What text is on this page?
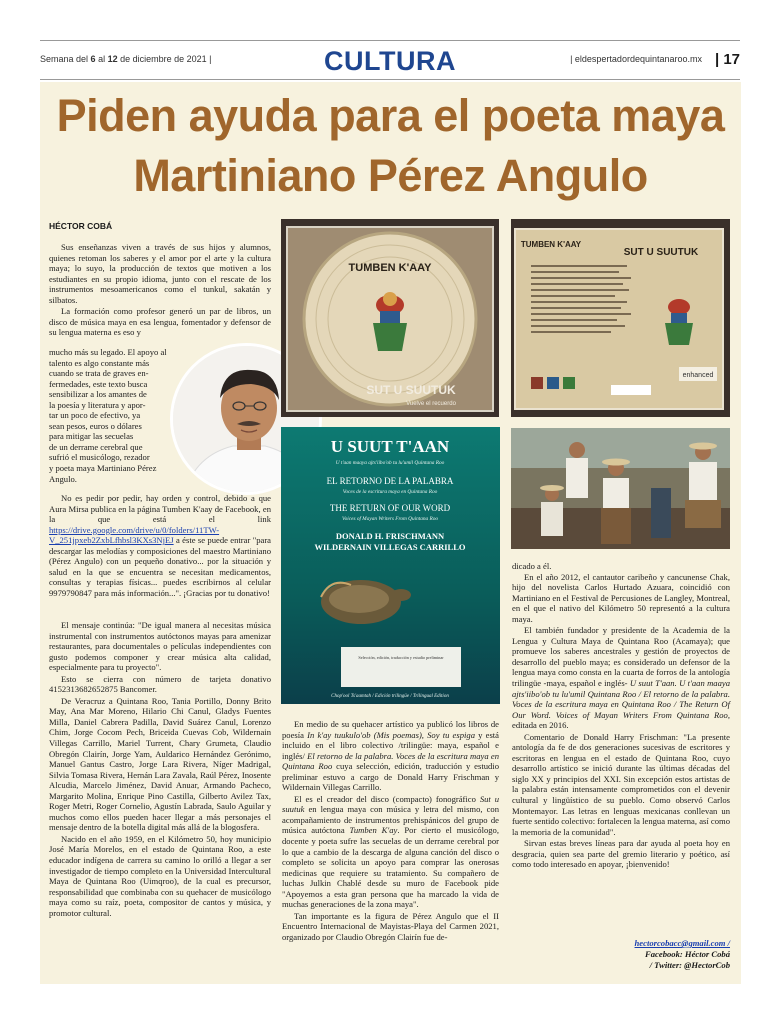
Semana del 6 al 12 de diciembre de 2021 |	CULTURA	| eldespertadordequintanaroo.mx | 17
Piden ayuda para el poeta maya
Martiniano Pérez Angulo
HÉCTOR COBÁ

Sus enseñanzas viven a través de sus hijos y alumnos, quienes retoman los saberes y el amor por el arte y la cultura maya; lo suyo, la producción de textos que motiven a los estudiantes en su propio idioma, junto con el rescate de los instrumentos mesoamericanos como el tunkul, sakatán y silbatos.

La formación como profesor generó un par de libros, un disco de música maya en esa lengua, fomentador y defensor de su lengua materna es eso y

mucho más su legado. El apoyo al
talento es algo constante más
cuando se trata de graves en-
fermedades, este texto busca
sensibilizar a los amantes de
la poesía y literatura y apor-
tar un poco de efectivo, ya
sean pesos, euros o dólares
para mitigar las secuelas
de un derrame cerebral que
sufrió el musicólogo, rezador
y poeta maya Martiniano Pérez
Angulo.

No es pedir por pedir, hay orden y control, debido a que Aura Mirsa publica en la página Tumben K'aay de Facebook, en la que está el link https://drive.google.com/drive/u/0/folders/11TW-V_251jpxeb2ZxbLfhbsl3KXs3NjEJ a éste se puede entrar "para descargar las melodías y composiciones del maestro Martiniano (Pérez Angulo) con un pequeño donativo... por la situación y salud en la que se encuentra se necesitan medicamentos, consultas y terapias físicas... puedes escribirnos al celular 9979790847 para más información...". ¡Gracias por tu donativo!

El mensaje continúa: "De igual manera al necesitas música instrumental con instrumentos autóctonos mayas para amenizar restaurantes, para documentales o películas independientes con gusto podemos componer y crear música alta calidad, especialmente para tu proyecto".

Esto se cierra con número de tarjeta donativo 4152313682652875 Bancomer.

De Veracruz a Quintana Roo, Tania Portillo, Donny Brito May, Ana Mar Moreno, Hilario Chi Canul, Gladys Fuentes Milla, Daniel Cabrera Padilla, David Suárez Canul, Lorenzo Chim, Jorge Cocom Pech, Briceida Cuevas Cob, Wildernain Villegas Carrillo, Mariel Turrent, Chary Grumeta, Claudio Obregón Clairín, Jorge Yam, Auldarico Hernández Gerónimo, Manuel Gantus Castro, Jorge Lara Rivera, Níger Madrigal, Silvia Tomasa Rivera, Hernán Lara Zavala, Raúl Pérez, Inosente Alcudia, Marcelo Jiménez, David Anuar, Armando Pacheco, Margarito Molina, Enrique Pino Castilla, Gilberto Avilez Tax, Roger Metri, Roger Cornelio, Agustín Labrada, Saulo Aguilar y muchos como ellos pueden hacer llegar a más personajes el mensaje dentro de la botella digital más allá de la blogosfera.

Nacido en el año 1959, en el Kilómetro 50, hoy municipio José María Morelos, en el estado de Quintana Roo, a este educador indígena de carrera su camino lo orilló a llegar a ser investigador de tiempo completo en la Universidad Intercultural Maya de Quintana Roo (Uimqroo), de la cual es precursor, responsabilidad que combinaba con su quehacer de musicólogo maya como su raíz, poeta, compositor de cantos y música, y promotor cultural.

TUMBEN K'AAY
SUT U SUUTUK
Vuelve el recuerdo
TUMBEN K'AAY
SUT U SUUTUK
enhanced
U SUUT T'AAN
U t'aan maaya ajts'iibo'ob tu lu'umil Quintana Roo
EL RETORNO DE LA PALABRA
Voces de la escritura maya en Quintana Roo
THE RETURN OF OUR WORD
Voices of Mayan Writers From Quintana Roo
DONALD H. FRISCHMANN
WILDERNAIN VILLEGAS CARRILLO
Selección, edición, traducción y estudio preliminar
Chop'ool Ts'aamtah / Edición trilingüe / Trilingual Edition

En medio de su quehacer artístico ya publicó los libros de poesía In k'ay tuukulo'ob (Mis poemas), Soy tu espiga y está incluido en el libro colectivo /trilingüe: maya, español e inglés/ El retorno de la palabra. Voces de la escritura maya en Quintana Roo cuya selección, edición, traducción y estudio preliminar estuvo a cargo de Donald Harry Frischman y Wildernain Villegas Carrillo.

El es el creador del disco (compacto) fonográfico Sut u suutuk en lengua maya con música y letra del mismo, con acompañamiento de instrumentos prehispánicos del grupo de música autóctona Tumben K'ay. Por cierto el musicólogo, docente y poeta sufre las secuelas de un derrame cerebral por lo que a cambio de la descarga de alguna canción del disco o completo se solicita un apoyo para comprar las onerosas medicinas que requiere su tratamiento. Su compañero de luchas Julkin Chablé desde su muro de Facebook pide "Apoyemos a esta gran persona que ha marcado la vida de muchas generaciones de la zona maya".

Tan importante es la figura de Pérez Angulo que el II Encuentro Internacional de Mayistas-Playa del Carmen 2021, organizado por Claudio Obregón Clairín fue de-

dicado a él.

En el año 2012, el cantautor caribeño y cancunense Chak, hijo del novelista Carlos Hurtado Azuara, coincidió con Martiniano en el Festival de Percusiones de Langley, Montreal, en el que el nativo del Kilómetro 50 representó a la cultura maya.

El también fundador y presidente de la Academia de la Lengua y Cultura Maya de Quintana Roo (Acamaya); que promueve los saberes ancestrales y gestión de proyectos de desarrollo del pueblo maya; es considerado un defensor de la lengua maya como consta en la cuarta de forros de la antología trilingüe -maya, español e inglés- U suut T'aan. U t'aan maaya ajts'iibo'ob tu lu'umil Quintana Roo / El retorno de la palabra. Voces de la escritura maya en Quintana Roo / The Return Of Our Word. Voices of Mayan Writers From Quintana Roo, editada en 2016.

Comentario de Donald Harry Frischman: "La presente antología da fe de dos generaciones sucesivas de escritores y escritoras en lengua en el estado de Quintana Roo, cuyo desarrollo artístico se inició durante las últimas décadas del siglo XX y principios del XXI. Sin excepción estos artistas de la palabra están intensamente comprometidos con el devenir cultural y lingüístico de su pueblo. Como observó Carlos Montemayor. Las letras en lenguas mexicanas conllevan un fuerte sentido colectivo: fortalecen la lengua materna, así como la memoria de la comunidad".

Sirvan estas breves líneas para dar ayuda al poeta hoy en desgracia, quien sea parte del gremio literario y poético, así como todo interesado en apoyar, ¡bienvenido!

hectorcobacc@gmail.com /
Facebook: Héctor Cobá
/ Twitter: @HectorCob
